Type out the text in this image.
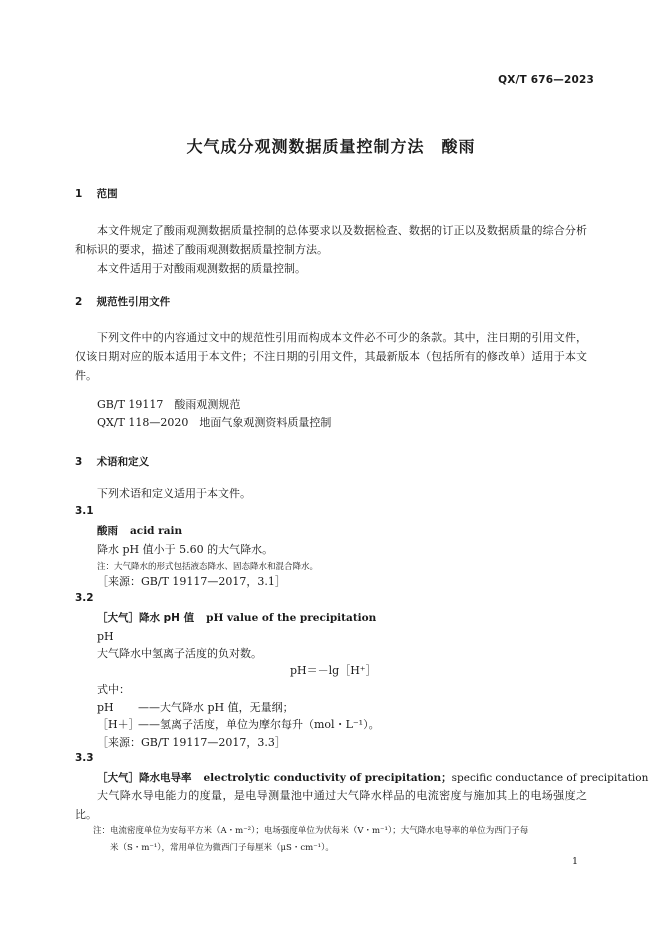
QX/T 676—2023
大气成分观测数据质量控制方法　酸雨
1 范围

本文件规定了酸雨观测数据质量控制的总体要求以及数据检查、数据的订正以及数据质量的综合分析和标识的要求，描述了酸雨观测数据质量控制方法。

本文件适用于对酸雨观测数据的质量控制。

2 规范性引用文件

下列文件中的内容通过文中的规范性引用而构成本文件必不可少的条款。其中，注日期的引用文件，仅该日期对应的版本适用于本文件；不注日期的引用文件，其最新版本（包括所有的修改单）适用于本文件。

GB/T 19117　酸雨观测规范
QX/T 118—2020　地面气象观测资料质量控制
3 术语和定义
下列术语和定义适用于本文件。
3.1
酸雨 acid rain
降水 pH 值小于 5.60 的大气降水。
注：大气降水的形式包括液态降水、固态降水和混合降水。
［来源：GB/T 19117—2017，3.1］
3.2
［大气］降水 pH 值 pH value of the precipitation
pH
大气降水中氢离子活度的负对数。
pH＝－lg［H⁺］
式中：
pH ——大气降水 pH 值，无量纲；
［H＋］
——氢离子活度，单位为摩尔每升（mol・L⁻¹）。
［来源：GB/T 19117—2017，3.3］
3.3
［大气］降水电导率 electrolytic conductivity of precipitation；specific conductance of precipitation

大气降水导电能力的度量，是电导测量池中通过大气降水样品的电流密度与施加其上的电场强度之比。

注：电流密度单位为安每平方米（A・m⁻²）；电场强度单位为伏每米（V・m⁻¹）；大气降水电导率的单位为西门子每
米（S・m⁻¹），常用单位为微西门子每厘米（μS・cm⁻¹）。
1
